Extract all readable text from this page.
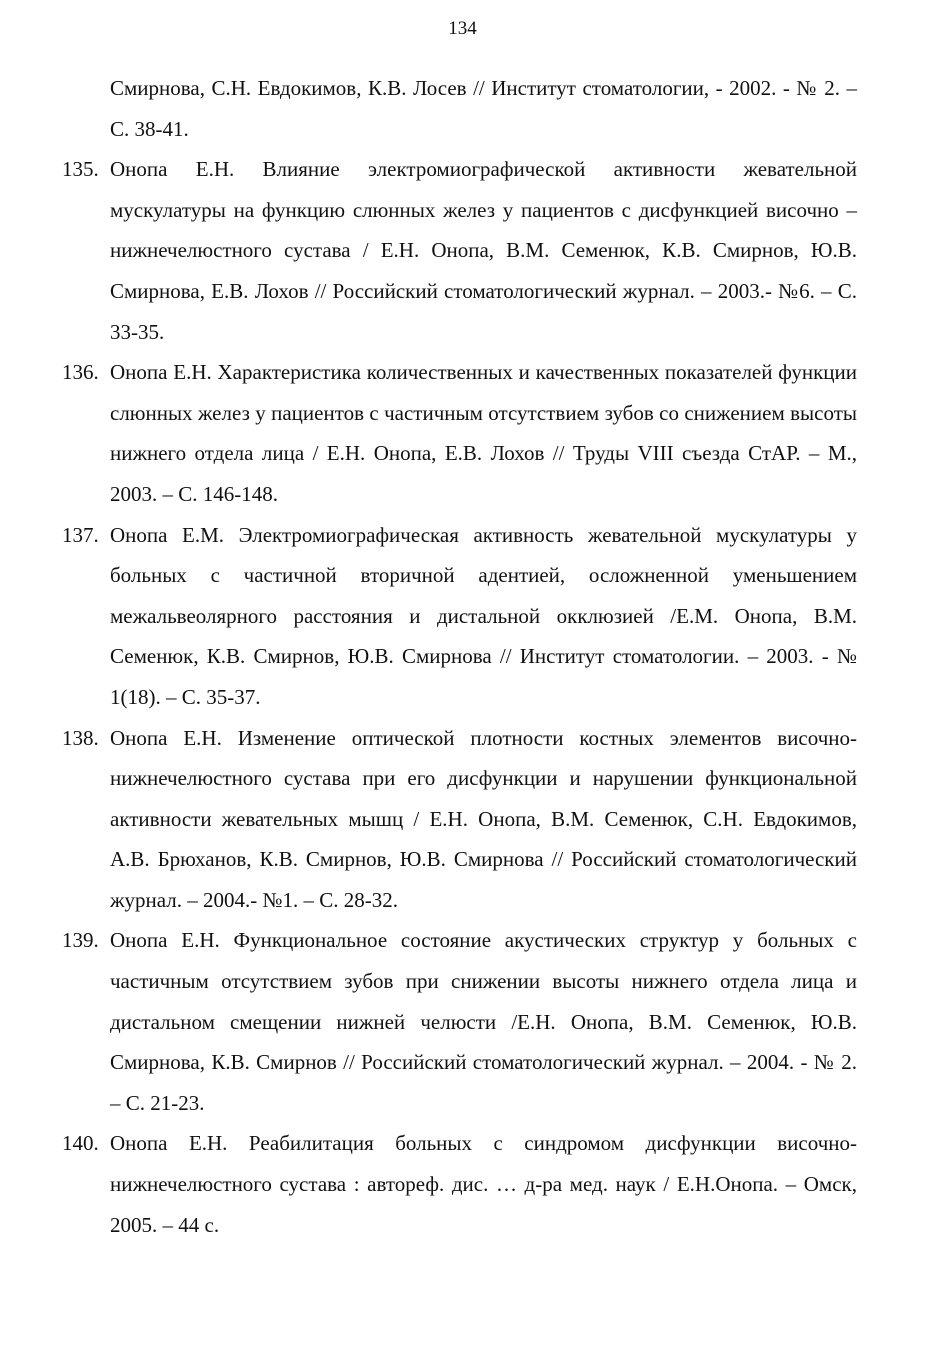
134

Смирнова, С.Н. Евдокимов, К.В. Лосев // Институт стоматологии, - 2002. - № 2. – С. 38-41.

135. Онопа Е.Н. Влияние электромиографической активности жевательной мускулатуры на функцию слюнных желез у пациентов с дисфункцией височно – нижнечелюстного сустава / Е.Н. Онопа, В.М. Семенюк, К.В. Смирнов, Ю.В. Смирнова, Е.В. Лохов // Российский стоматологический журнал. – 2003.- №6. – С. 33-35.

136. Онопа Е.Н. Характеристика количественных и качественных показателей функции слюнных желез у пациентов с частичным отсутствием зубов со снижением высоты нижнего отдела лица / Е.Н. Онопа, Е.В. Лохов // Труды VIII съезда СтАР. – М., 2003. – С. 146-148.

137. Онопа Е.М. Электромиографическая активность жевательной мускулатуры у больных с частичной вторичной адентией, осложненной уменьшением межальвеолярного расстояния и дистальной окклюзией /Е.М. Онопа, В.М. Семенюк, К.В. Смирнов, Ю.В. Смирнова // Институт стоматологии. – 2003. - № 1(18). – С. 35-37.

138. Онопа Е.Н. Изменение оптической плотности костных элементов височно- нижнечелюстного сустава при его дисфункции и нарушении функциональной активности жевательных мышц / Е.Н. Онопа, В.М. Семенюк, С.Н. Евдокимов, А.В. Брюханов, К.В. Смирнов, Ю.В. Смирнова // Российский стоматологический журнал. – 2004.- №1. – С. 28-32.

139. Онопа Е.Н. Функциональное состояние акустических структур у больных с частичным отсутствием зубов при снижении высоты нижнего отдела лица и дистальном смещении нижней челюсти /Е.Н. Онопа, В.М. Семенюк, Ю.В. Смирнова, К.В. Смирнов // Российский стоматологический журнал. – 2004. - № 2. – С. 21-23.

140. Онопа Е.Н. Реабилитация больных с синдромом дисфункции височно-нижнечелюстного сустава : автореф. дис. … д-ра мед. наук / Е.Н.Онопа. – Омск, 2005. – 44 с.
